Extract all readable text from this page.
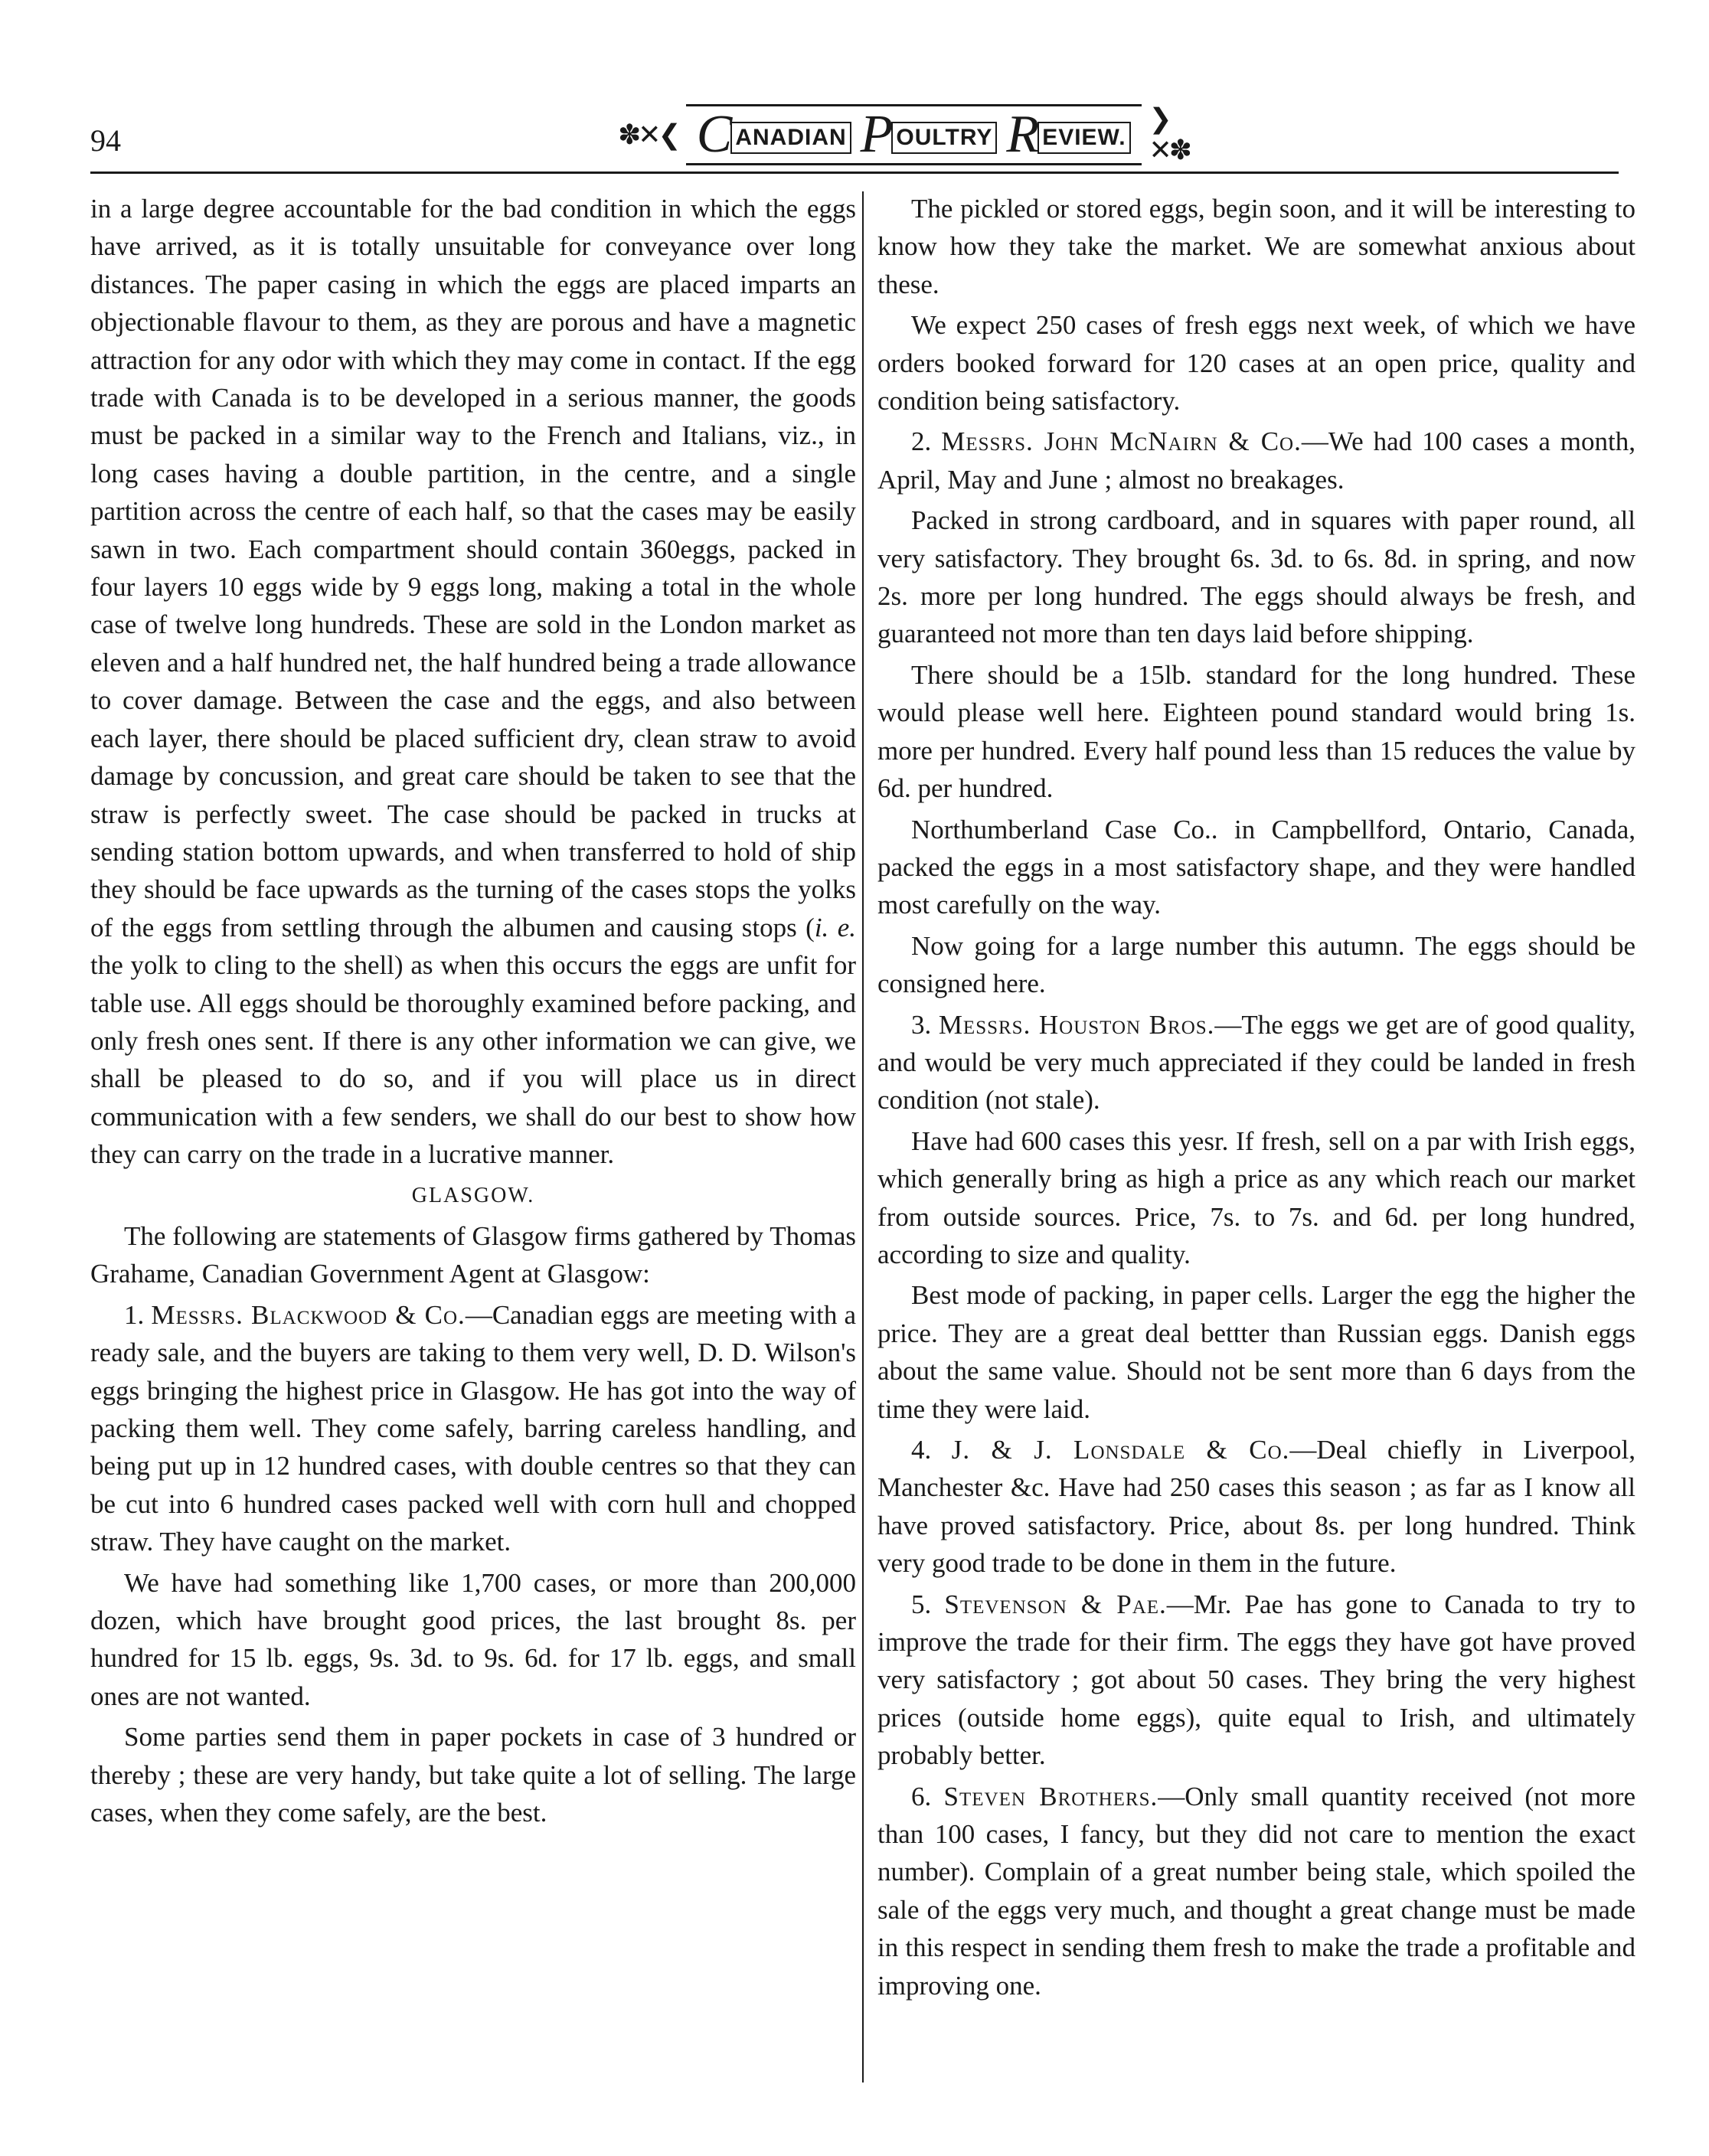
94	✽✕❮ C ANADIAN P OULTRY R EVIEW.
❯✕✽

in a large degree accountable for the bad condition in which the eggs have arrived, as it is totally unsuitable for conveyance over long distances. The paper casing in which the eggs are placed imparts an objectionable flavour to them, as they are porous and have a magnetic attraction for any odor with which they may come in contact. If the egg trade with Canada is to be developed in a serious manner, the goods must be packed in a similar way to the French and Italians, viz., in long cases having a double partition, in the centre, and a single partition across the centre of each half, so that the cases may be easily sawn in two. Each compartment should contain 360eggs, packed in four layers 10 eggs wide by 9 eggs long, making a total in the whole case of twelve long hundreds. These are sold in the London market as eleven and a half hundred net, the half hundred being a trade allowance to cover damage. Between the case and the eggs, and also between each layer, there should be placed sufficient dry, clean straw to avoid damage by concussion, and great care should be taken to see that the straw is perfectly sweet. The case should be packed in trucks at sending station bottom upwards, and when transferred to hold of ship they should be face upwards as the turning of the cases stops the yolks of the eggs from settling through the albumen and causing stops (i. e. the yolk to cling to the shell) as when this occurs the eggs are unfit for table use. All eggs should be thoroughly examined before packing, and only fresh ones sent. If there is any other information we can give, we shall be pleased to do so, and if you will place us in direct communication with a few senders, we shall do our best to show how they can carry on the trade in a lucrative manner.

GLASGOW.

The following are statements of Glasgow firms gathered by Thomas Grahame, Canadian Government Agent at Glasgow:

1. Messrs. Blackwood & Co.—Canadian eggs are meeting with a ready sale, and the buyers are taking to them very well, D. D. Wilson's eggs bringing the highest price in Glasgow. He has got into the way of packing them well. They come safely, barring careless handling, and being put up in 12 hundred cases, with double centres so that they can be cut into 6 hundred cases packed well with corn hull and chopped straw. They have caught on the market.

We have had something like 1,700 cases, or more than 200,000 dozen, which have brought good prices, the last brought 8s. per hundred for 15 lb. eggs, 9s. 3d. to 9s. 6d. for 17 lb. eggs, and small ones are not wanted.

Some parties send them in paper pockets in case of 3 hundred or thereby ; these are very handy, but take quite a lot of selling. The large cases, when they come safely, are the best.

The pickled or stored eggs, begin soon, and it will be interesting to know how they take the market. We are somewhat anxious about these.

We expect 250 cases of fresh eggs next week, of which we have orders booked forward for 120 cases at an open price, quality and condition being satisfactory.

2. Messrs. John McNairn & Co.—We had 100 cases a month, April, May and June ; almost no breakages.

Packed in strong cardboard, and in squares with paper round, all very satisfactory. They brought 6s. 3d. to 6s. 8d. in spring, and now 2s. more per long hundred. The eggs should always be fresh, and guaranteed not more than ten days laid before shipping.

There should be a 15lb. standard for the long hundred. These would please well here. Eighteen pound standard would bring 1s. more per hundred. Every half pound less than 15 reduces the value by 6d. per hundred.

Northumberland Case Co.. in Campbellford, Ontario, Canada, packed the eggs in a most satisfactory shape, and they were handled most carefully on the way.

Now going for a large number this autumn. The eggs should be consigned here.

3. Messrs. Houston Bros.—The eggs we get are of good quality, and would be very much appreciated if they could be landed in fresh condition (not stale).

Have had 600 cases this yesr. If fresh, sell on a par with Irish eggs, which generally bring as high a price as any which reach our market from outside sources. Price, 7s. to 7s. and 6d. per long hundred, according to size and quality.

Best mode of packing, in paper cells. Larger the egg the higher the price. They are a great deal bettter than Russian eggs. Danish eggs about the same value. Should not be sent more than 6 days from the time they were laid.

4. J. & J. Lonsdale & Co.—Deal chiefly in Liverpool, Manchester &c. Have had 250 cases this season ; as far as I know all have proved satisfactory. Price, about 8s. per long hundred. Think very good trade to be done in them in the future.

5. Stevenson & Pae.—Mr. Pae has gone to Canada to try to improve the trade for their firm. The eggs they have got have proved very satisfactory ; got about 50 cases. They bring the very highest prices (outside home eggs), quite equal to Irish, and ultimately probably better.

6. Steven Brothers.—Only small quantity received (not more than 100 cases, I fancy, but they did not care to mention the exact number). Complain of a great number being stale, which spoiled the sale of the eggs very much, and thought a great change must be made in this respect in sending them fresh to make the trade a profitable and improving one.
